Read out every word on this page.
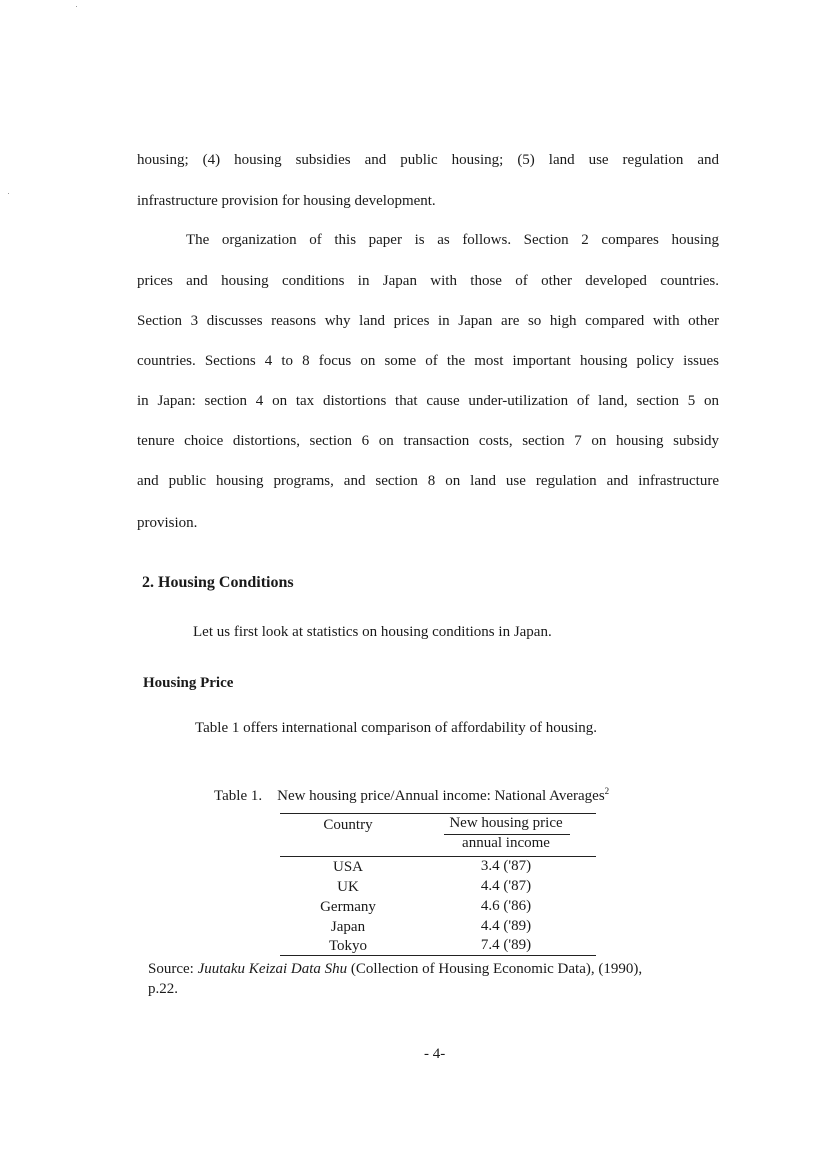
housing; (4) housing subsidies and public housing; (5) land use regulation and
infrastructure provision for housing development.
The organization of this paper is as follows. Section 2 compares housing
prices and housing conditions in Japan with those of other developed countries.
Section 3 discusses reasons why land prices in Japan are so high compared with other
countries. Sections 4 to 8 focus on some of the most important housing policy issues
in Japan: section 4 on tax distortions that cause under-utilization of land, section 5 on
tenure choice distortions, section 6 on transaction costs, section 7 on housing subsidy
and public housing programs, and section 8 on land use regulation and infrastructure
provision.
2. Housing Conditions
Let us first look at statistics on housing conditions in Japan.
Housing Price
Table 1 offers international comparison of affordability of housing.
Table 1. New housing price/Annual income: National Averages$^2$
Country	New housing price
annual income
USA	3.4 ('87)
UK	4.4 ('87)
Germany	4.6 ('86)
Japan	4.4 ('89)
Tokyo	7.4 ('89)
Source: Juutaku Keizai Data Shu (Collection of Housing Economic Data), (1990),
p.22.
- 4-
